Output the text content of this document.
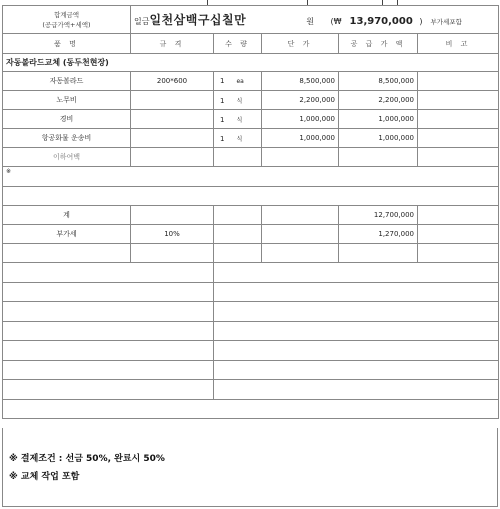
합계금액
(공급가액+세액)	일금일천삼백구십칠만 원 (₩ 13,970,000 ) 부가세포함				
품 명	규 격	수 량	단 가	공 급 가 액	비 고
자동볼라드교체 (동두천현장)					
자동볼라드	200*600	1 ea	8,500,000	8,500,000	
노무비		1 식	2,200,000	2,200,000	
경비		1 식	1,000,000	1,000,000	
항공화물 운송비		1 식	1,000,000	1,000,000	
이하여백					
※					

계				12,700,000	
부가세	10%			1,270,000	

※ 결제조건 : 선금 50%, 완료시 50%

※ 교체 작업 포함
